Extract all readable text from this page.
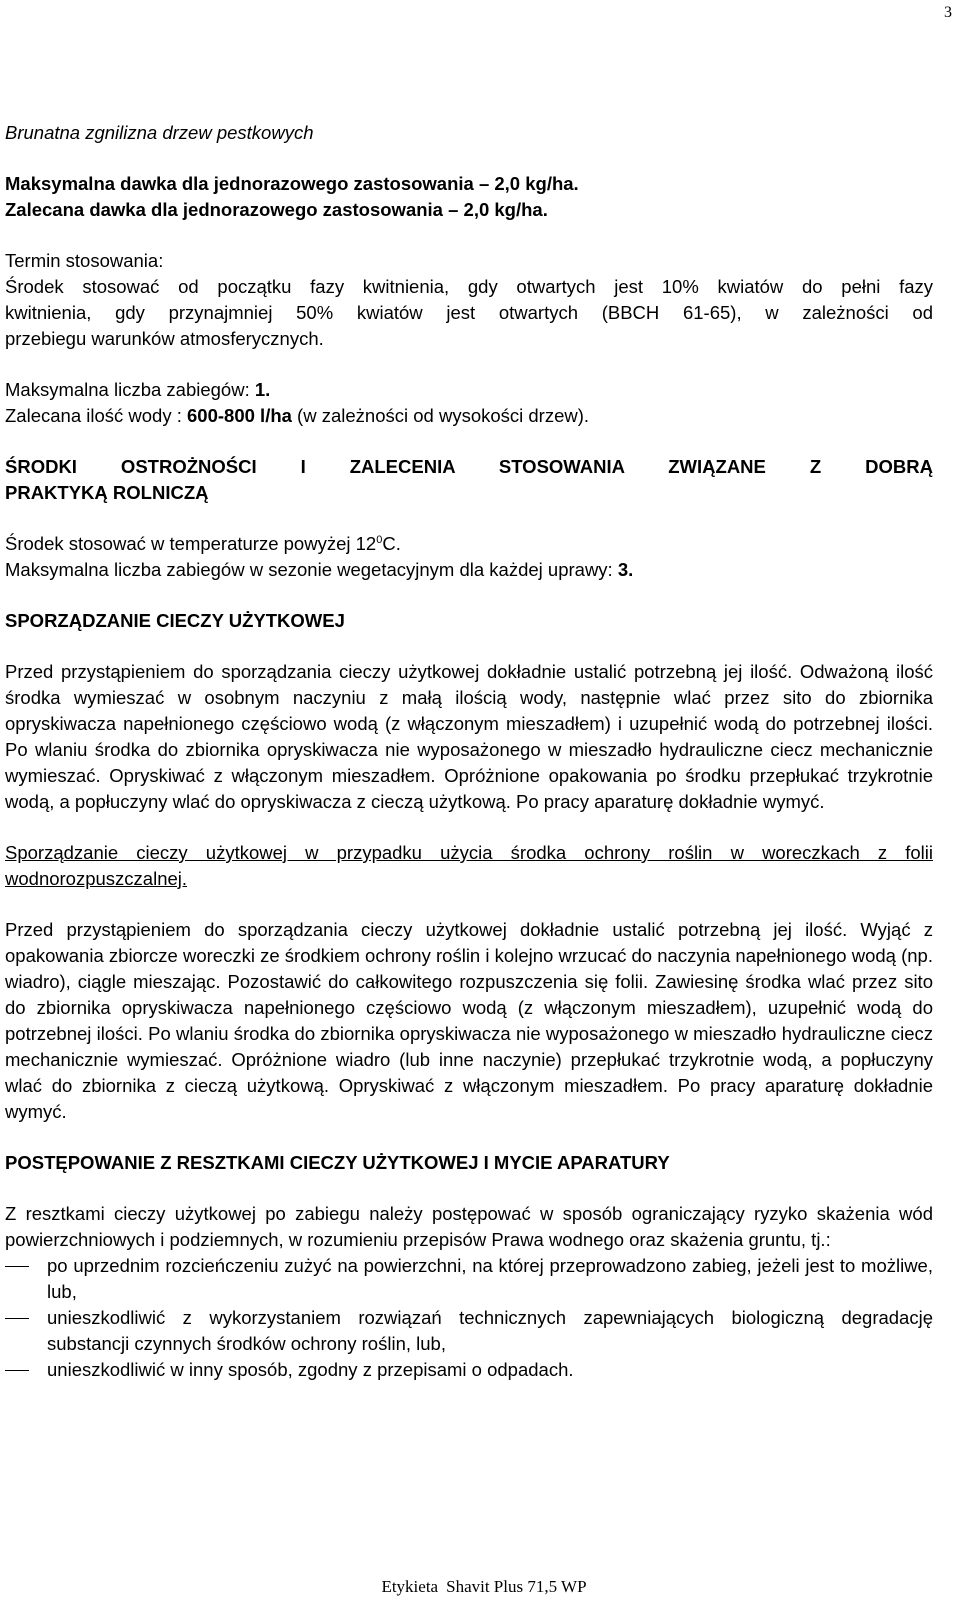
3

Brunatna zgnilizna drzew pestkowych

Maksymalna dawka dla jednorazowego zastosowania – 2,0 kg/ha.

Zalecana dawka dla jednorazowego zastosowania – 2,0 kg/ha.

Termin stosowania:

Środek stosować od początku fazy kwitnienia, gdy otwartych jest 10% kwiatów do pełni fazy

kwitnienia, gdy przynajmniej 50% kwiatów jest otwartych (BBCH 61-65), w zależności od

przebiegu warunków atmosferycznych.

Maksymalna liczba zabiegów: 1.

Zalecana ilość wody : 600-800 l/ha (w zależności od wysokości drzew).

ŚRODKI OSTROŻNOŚCI I ZALECENIA STOSOWANIA ZWIĄZANE Z DOBRĄ

PRAKTYKĄ ROLNICZĄ

Środek stosować w temperaturze powyżej $12^0C$.

Maksymalna liczba zabiegów w sezonie wegetacyjnym dla każdej uprawy: 3.

SPORZĄDZANIE CIECZY UŻYTKOWEJ

Przed przystąpieniem do sporządzania cieczy użytkowej dokładnie ustalić potrzebną jej ilość. Odważoną ilość środka wymieszać w osobnym naczyniu z małą ilością wody, następnie wlać przez sito do zbiornika opryskiwacza napełnionego częściowo wodą (z włączonym mieszadłem) i uzupełnić wodą do potrzebnej ilości. Po wlaniu środka do zbiornika opryskiwacza nie wyposażonego w mieszadło hydrauliczne ciecz mechanicznie wymieszać. Opryskiwać z włączonym mieszadłem. Opróżnione opakowania po środku przepłukać trzykrotnie wodą, a popłuczyny wlać do opryskiwacza z cieczą użytkową. Po pracy aparaturę dokładnie wymyć.

Sporządzanie cieczy użytkowej w przypadku użycia środka ochrony roślin w woreczkach z folii wodnorozpuszczalnej.

Przed przystąpieniem do sporządzania cieczy użytkowej dokładnie ustalić potrzebną jej ilość. Wyjąć z opakowania zbiorcze woreczki ze środkiem ochrony roślin i kolejno wrzucać do naczynia napełnionego wodą (np. wiadro), ciągle mieszając. Pozostawić do całkowitego rozpuszczenia się folii. Zawiesinę środka wlać przez sito do zbiornika opryskiwacza napełnionego częściowo wodą (z włączonym mieszadłem), uzupełnić wodą do potrzebnej ilości. Po wlaniu środka do zbiornika opryskiwacza nie wyposażonego w mieszadło hydrauliczne ciecz mechanicznie wymieszać. Opróżnione wiadro (lub inne naczynie) przepłukać trzykrotnie wodą, a popłuczyny wlać do zbiornika z cieczą użytkową. Opryskiwać z włączonym mieszadłem. Po pracy aparaturę dokładnie wymyć.

POSTĘPOWANIE Z RESZTKAMI CIECZY UŻYTKOWEJ I MYCIE APARATURY

Z resztkami cieczy użytkowej po zabiegu należy postępować w sposób ograniczający ryzyko skażenia wód powierzchniowych i podziemnych, w rozumieniu przepisów Prawa wodnego oraz skażenia gruntu, tj.:

po uprzednim rozcieńczeniu zużyć na powierzchni, na której przeprowadzono zabieg, jeżeli jest to możliwe, lub,
unieszkodliwić z wykorzystaniem rozwiązań technicznych zapewniających biologiczną degradację substancji czynnych środków ochrony roślin, lub,
unieszkodliwić w inny sposób, zgodny z przepisami o odpadach.
Etykieta Shavit Plus 71,5 WP
